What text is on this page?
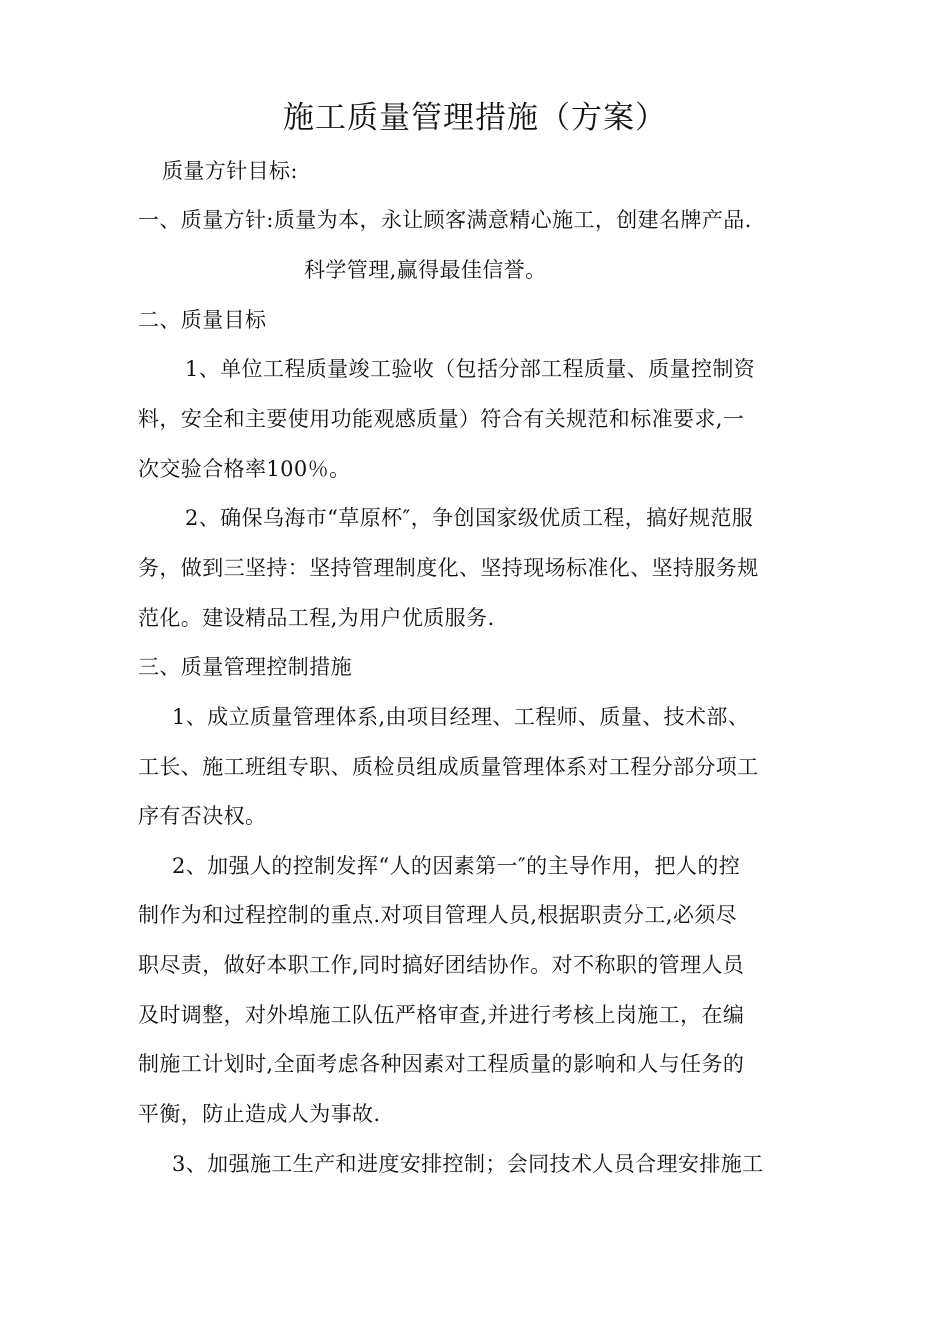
施工质量管理措施（方案）
质量方针目标:
一、质量方针:质量为本，永让顾客满意精心施工，创建名牌产品.
科学管理,赢得最佳信誉。
二、质量目标
1、单位工程质量竣工验收（包括分部工程质量、质量控制资
料，安全和主要使用功能观感质量）符合有关规范和标准要求,一
次交验合格率100％。
2、确保乌海市“草原杯″，争创国家级优质工程，搞好规范服
务，做到三坚持：坚持管理制度化、坚持现场标准化、坚持服务规
范化。建设精品工程,为用户优质服务.
三、质量管理控制措施
1、成立质量管理体系,由项目经理、工程师、质量、技术部、
工长、施工班组专职、质检员组成质量管理体系对工程分部分项工
序有否决权。
2、加强人的控制发挥“人的因素第一″的主导作用，把人的控
制作为和过程控制的重点.对项目管理人员,根据职责分工,必须尽
职尽责，做好本职工作,同时搞好团结协作。对不称职的管理人员
及时调整，对外埠施工队伍严格审查,并进行考核上岗施工，在编
制施工计划时,全面考虑各种因素对工程质量的影响和人与任务的
平衡，防止造成人为事故.
3、加强施工生产和进度安排控制；会同技术人员合理安排施工
